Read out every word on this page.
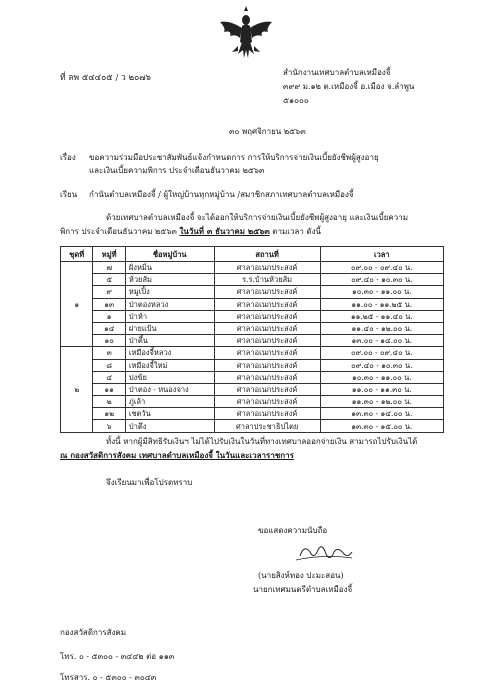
ที่ ลพ ๕๔๔๐๕ / ว ๒๐๗๖
สำนักงานเทศบาลตำบลเหมืองจี้
๓๙๙ ม.๑๒ ต.เหมืองจี้ อ.เมือง จ.ลำพูน
๕๑๐๐๐
๓๐ พฤศจิกายน ๒๕๖๓
เรื่อง ขอความร่วมมือประชาสัมพันธ์แจ้งกำหนดการ การให้บริการจ่ายเงินเบี้ยยังชีพผู้สูงอายุ
และเงินเบี้ยความพิการ ประจำเดือนธันวาคม ๒๕๖๓
เรียน กำนันตำบลเหมืองจี้ / ผู้ใหญ่บ้านทุกหมู่บ้าน /สมาชิกสภาเทศบาลตำบลเหมืองจี้
ด้วยเทศบาลตำบลเหมืองจี้ จะได้ออกให้บริการจ่ายเงินเบี้ยยังชีพผู้สูงอายุ และเงินเบี้ยความ
พิการ ประจำเดือนธันวาคม ๒๕๖๓ ในวันที่ ๓ ธันวาคม ๒๕๖๓ ตามเวลา ดังนี้
ชุดที่	หมู่ที่	ชื่อหมู่บ้าน	สถานที่	เวลา
	๗	ฝั่งหมิ่น	ศาลาอเนกประสงค์	๐๙.๐๐ - ๐๙.๔๐ น.
	๕	ห้วยส้ม	ร.ร.บ้านห้วยส้ม	๐๙.๔๐ - ๑๐.๓๐ น.
	๙	หมูเปิ้ง	ศาลาอเนกประสงค์	๑๐.๓๐ - ๑๑.๐๐ น.
๑	๑๓	ป่าตองหลวง	ศาลาอเนกประสงค์	๑๑.๐๐ - ๑๑.๒๕ น.
	๑	ป่าห้า	ศาลาอเนกประสงค์	๑๑.๒๕ - ๑๑.๔๐ น.
	๑๔	ฝายแป้น	ศาลาอเนกประสงค์	๑๑.๔๐ - ๑๒.๐๐ น.
	๑๐	ป่าตึ้น	ศาลาอเนกประสงค์	๑๓.๐๐ - ๑๔.๐๐ น.
	๓	เหมืองจี้หลวง	ศาลาอเนกประสงค์	๐๙.๐๐ - ๐๙.๔๐ น.
	๘	เหมืองจี้ใหม่	ศาลาอเนกประสงค์	๐๙.๔๐ - ๑๐.๓๐ น.
	๔	ปงข้ย	ศาลาอเนกประสงค์	๑๐.๓๐ - ๑๑.๐๐ น.
๒	๑๑	ป่าตอง - หนองจาง	ศาลาอเนกประสงค์	๑๑.๐๐ - ๑๑.๓๐ น.
	๒	ภู่เล้า	ศาลาอเนกประสงค์	๑๑.๓๐ - ๑๒.๐๐ น.
	๑๒	เชตวัน	ศาลาอเนกประสงค์	๑๓.๓๐ - ๑๔.๐๐ น.
	๖	ป่าตึง	ศาลาประชาธิปไตย	๑๓.๓๐ - ๑๕.๐๐ น.
ทั้งนี้ หากผู้มีสิทธิรับเงินฯ ไม่ได้ไปรับเงินในวันที่ทางเทศบาลออกจ่ายเงิน สามารถไปรับเงินได้
ณ กองสวัสดิการสังคม เทศบาลตำบลเหมืองจี้ ในวันและเวลาราชการ
จึงเรียนมาเพื่อโปรดทราบ
ขอแสดงความนับถือ
(นายสิงห์ทอง ปะมะสอน)
นายกเทศมนตรีตำบลเหมืองจี้
กองสวัสดิการสังคม
โทร. ๐ - ๕๓๐๐ - ๓๔๔๒ ต่อ ๑๑๓
โทรสาร. ๐ - ๕๓๐๐ - ๓๐๔๓
